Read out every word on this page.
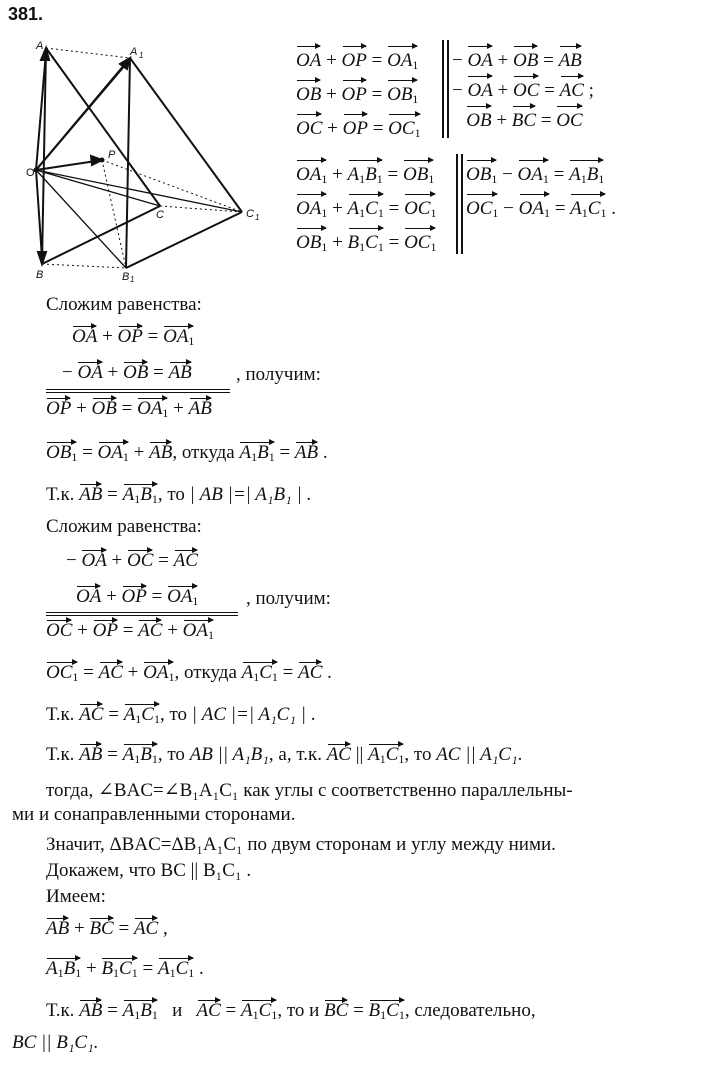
381.
A	A 1
O
P
C	C 1
B	B 1
OA + OP = $OA_1$
OB + OP = $OB_1$
OC + OP = $OC_1$
− OA + OB = AB
− OA + OC = AC ;
OB + BC = OC
$OA_1 + A_1B_1 = OB_1$
$OA_1 + A_1C_1 = OC_1$
$OB_1 + B_1C_1 = OC_1$
$OB_1 - OA_1 = A_1B_1$
$OC_1 - OA_1 = A_1C_1$ .
Сложим равенства:
OA + OP = $OA_1$
− OA + OB = AB , получим:
OP + OB = $OA_1$ + AB
$OB_1 = OA_1$ + AB, откуда $A_1B_1$ = AB .
Т.к. AB = $A_1B_1$, то | AB |=| A₁B₁ | .
Сложим равенства:
− OA + OC = AC
OA + OP = $OA_1$	, получим:
OC + OP = AC + $OA_1$
$OC_1$ = AC + $OA_1$, откуда $A_1C_1$ = AC .
Т.к. AC = $A_1C_1$, то | AC |=| A₁C₁ | .
Т.к. AB = $A_1B_1$, то AB || A₁B₁, а, т.к. AC || $A_1C_1$, то AC || A₁C₁.
тогда, ∠BAC=∠B₁A₁C₁ как углы с соответственно параллельны-
ми и сонаправленными сторонами.
Значит, ΔBAC=ΔB₁A₁C₁ по двум сторонам и углу между ними.
Докажем, что BC || B₁C₁ .
Имеем:
AB + BC = AC ,
$A_1B_1 + B_1C_1 = A_1C_1$ .
Т.к. AB = $A_1B_1$ и AC = $A_1C_1$, то и BC = $B_1C_1$, следовательно,
BC || B₁C₁.
